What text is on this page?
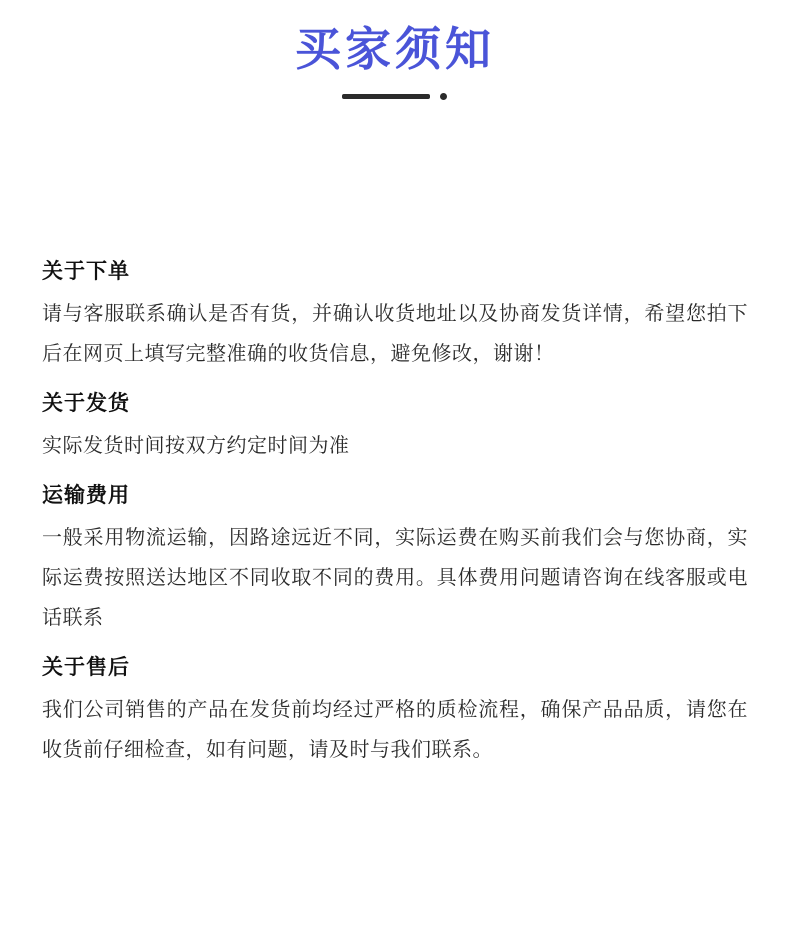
买家须知
关于下单

请与客服联系确认是否有货，并确认收货地址以及协商发货详情，希望您拍下后在网页上填写完整准确的收货信息，避免修改，谢谢！

关于发货

实际发货时间按双方约定时间为准

运输费用

一般采用物流运输，因路途远近不同，实际运费在购买前我们会与您协商，实际运费按照送达地区不同收取不同的费用。具体费用问题请咨询在线客服或电话联系

关于售后

我们公司销售的产品在发货前均经过严格的质检流程，确保产品品质，请您在收货前仔细检查，如有问题，请及时与我们联系。
